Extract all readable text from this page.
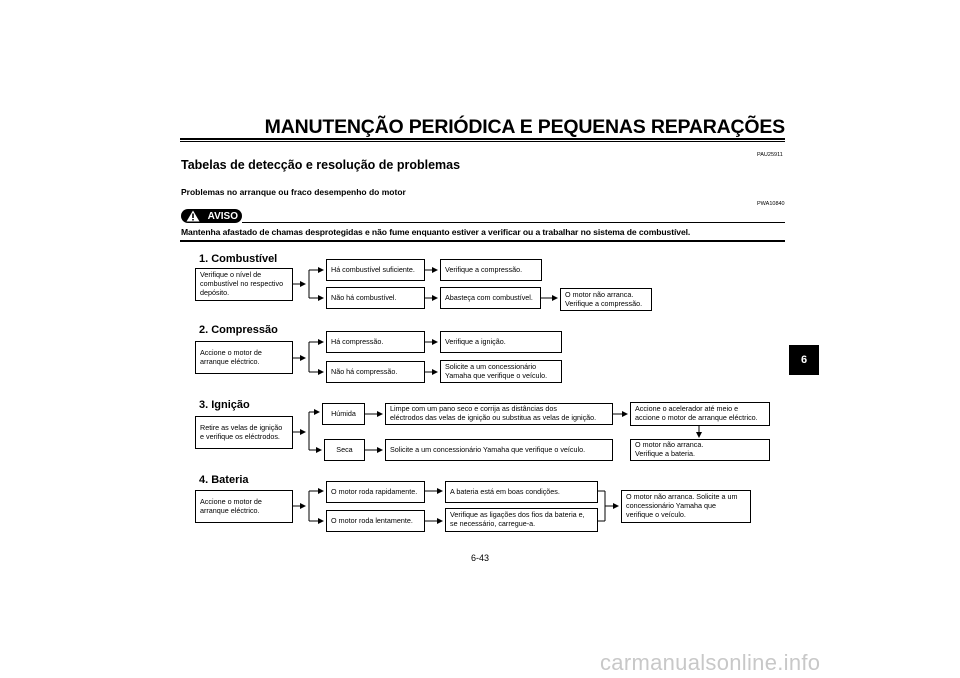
MANUTENÇÃO PERIÓDICA E PEQUENAS REPARAÇÕES
PAU25911
Tabelas de detecção e resolução de problemas
Problemas no arranque ou fraco desempenho do motor
PWA10840
AVISO
Mantenha afastado de chamas desprotegidas e não fume enquanto estiver a verificar ou a trabalhar no sistema de combustível.
1. Combustível
Verifique o nível de
combustível no respectivo
depósito.
Há combustível suficiente.	Verifique a compressão.
Não há combustível.	Abasteça com combustível.	O motor não arranca.
Verifique a compressão.
2. Compressão
Accione o motor de
arranque eléctrico.
Há compressão.	Verifique a ignição.
Não há compressão.
Solicite a um concessionário
Yamaha que verifique o veículo.
3. Ignição
Retire as velas de ignição
e verifique os eléctrodos.
Húmida	Limpe com um pano seco e corrija as distâncias dos
eléctrodos das velas de ignição ou substitua as velas de ignição.
Accione o acelerador até meio e
accione o motor de arranque eléctrico.
O motor não arranca.
Verifique a bateria.
Seca	Solicite a um concessionário Yamaha que verifique o veículo.
4. Bateria
Accione o motor de
arranque eléctrico.
O motor roda rapidamente.	A bateria está em boas condições.
O motor roda lentamente.
Verifique as ligações dos fios da bateria e,
se necessário, carregue-a.
O motor não arranca. Solicite a um
concessionário Yamaha que
verifique o veículo.
6
6-43
carmanualsonline.info
